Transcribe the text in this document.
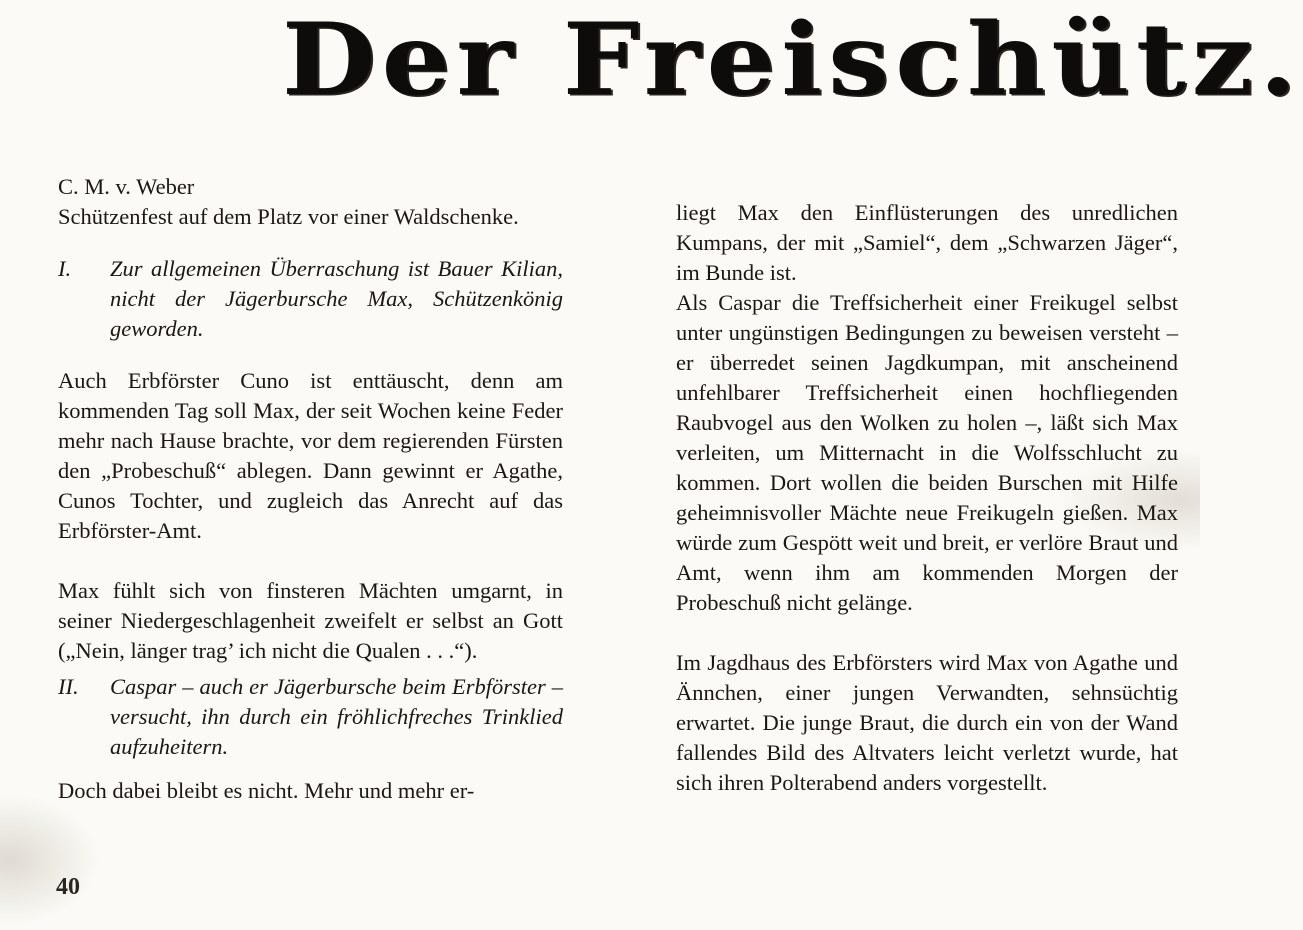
Der Freischütz.

C. M. v. Weber

Schützenfest auf dem Platz vor einer Waldschenke.

I.	Zur allgemeinen Überraschung ist Bauer Kilian, nicht der Jägerbursche Max, Schützenkönig geworden.

Auch Erbförster Cuno ist enttäuscht, denn am kommenden Tag soll Max, der seit Wochen keine Feder mehr nach Hause brachte, vor dem regierenden Fürsten den „Probeschuß“ ablegen. Dann gewinnt er Agathe, Cunos Tochter, und zugleich das Anrecht auf das Erbförster-Amt.

Max fühlt sich von finsteren Mächten umgarnt, in seiner Niedergeschlagenheit zweifelt er selbst an Gott („Nein, länger trag’ ich nicht die Qualen . . .“).

II.	Caspar – auch er Jägerbursche beim Erbförster – versucht, ihn durch ein fröhlichfreches Trinklied aufzuheitern.

Doch dabei bleibt es nicht. Mehr und mehr er-

liegt Max den Einflüsterungen des unredlichen Kumpans, der mit „Samiel“, dem „Schwarzen Jäger“, im Bunde ist.

Als Caspar die Treffsicherheit einer Freikugel selbst unter ungünstigen Bedingungen zu beweisen versteht – er überredet seinen Jagdkumpan, mit anscheinend unfehlbarer Treffsicherheit einen hochfliegenden Raubvogel aus den Wolken zu holen –, läßt sich Max verleiten, um Mitternacht in die Wolfsschlucht zu kommen. Dort wollen die beiden Burschen mit Hilfe geheimnisvoller Mächte neue Freikugeln gießen. Max würde zum Gespött weit und breit, er verlöre Braut und Amt, wenn ihm am kommenden Morgen der Probeschuß nicht gelänge.

Im Jagdhaus des Erbförsters wird Max von Agathe und Ännchen, einer jungen Verwandten, sehnsüchtig erwartet. Die junge Braut, die durch ein von der Wand fallendes Bild des Altvaters leicht verletzt wurde, hat sich ihren Polterabend anders vorgestellt.

40
